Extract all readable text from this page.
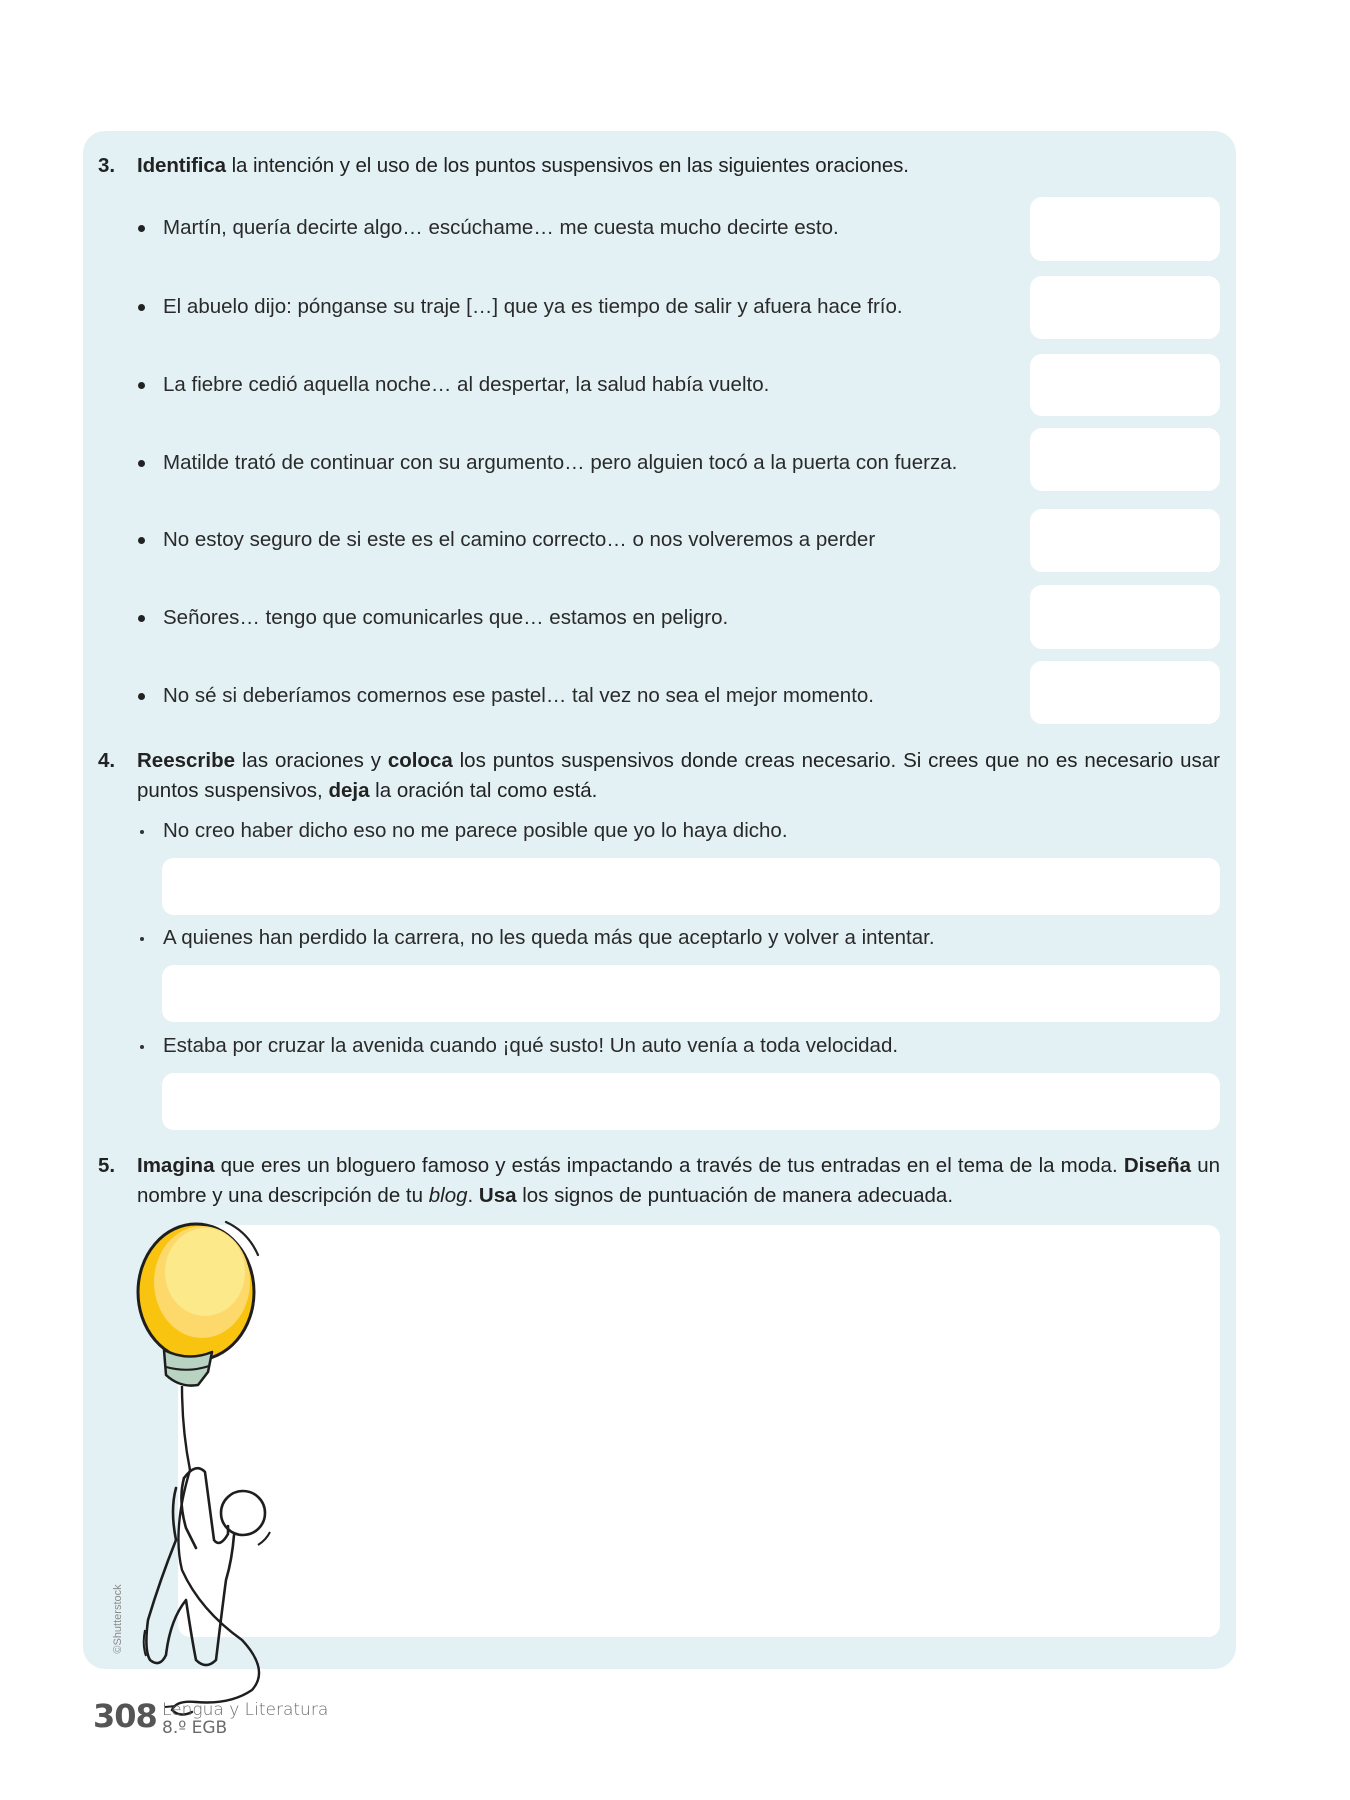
3. Identifica la intención y el uso de los puntos suspensivos en las siguientes oraciones.
Martín, quería decirte algo… escúchame… me cuesta mucho decirte esto.
El abuelo dijo: pónganse su traje […] que ya es tiempo de salir y afuera hace frío.
La fiebre cedió aquella noche… al despertar, la salud había vuelto.
Matilde trató de continuar con su argumento… pero alguien tocó a la puerta con fuerza.
No estoy seguro de si este es el camino correcto… o nos volveremos a perder
Señores… tengo que comunicarles que… estamos en peligro.
No sé si deberíamos comernos ese pastel… tal vez no sea el mejor momento.
4. Reescribe las oraciones y coloca los puntos suspensivos donde creas necesario. Si crees que no es necesario usar puntos suspensivos, deja la oración tal como está.
No creo haber dicho eso no me parece posible que yo lo haya dicho.
A quienes han perdido la carrera, no les queda más que aceptarlo y volver a intentar.
Estaba por cruzar la avenida cuando ¡qué susto! Un auto venía a toda velocidad.
5. Imagina que eres un bloguero famoso y estás impactando a través de tus entradas en el tema de la moda. Diseña un nombre y una descripción de tu blog. Usa los signos de puntuación de manera adecuada.
©Shutterstock
308 Lengua y Literatura
8.º EGB
